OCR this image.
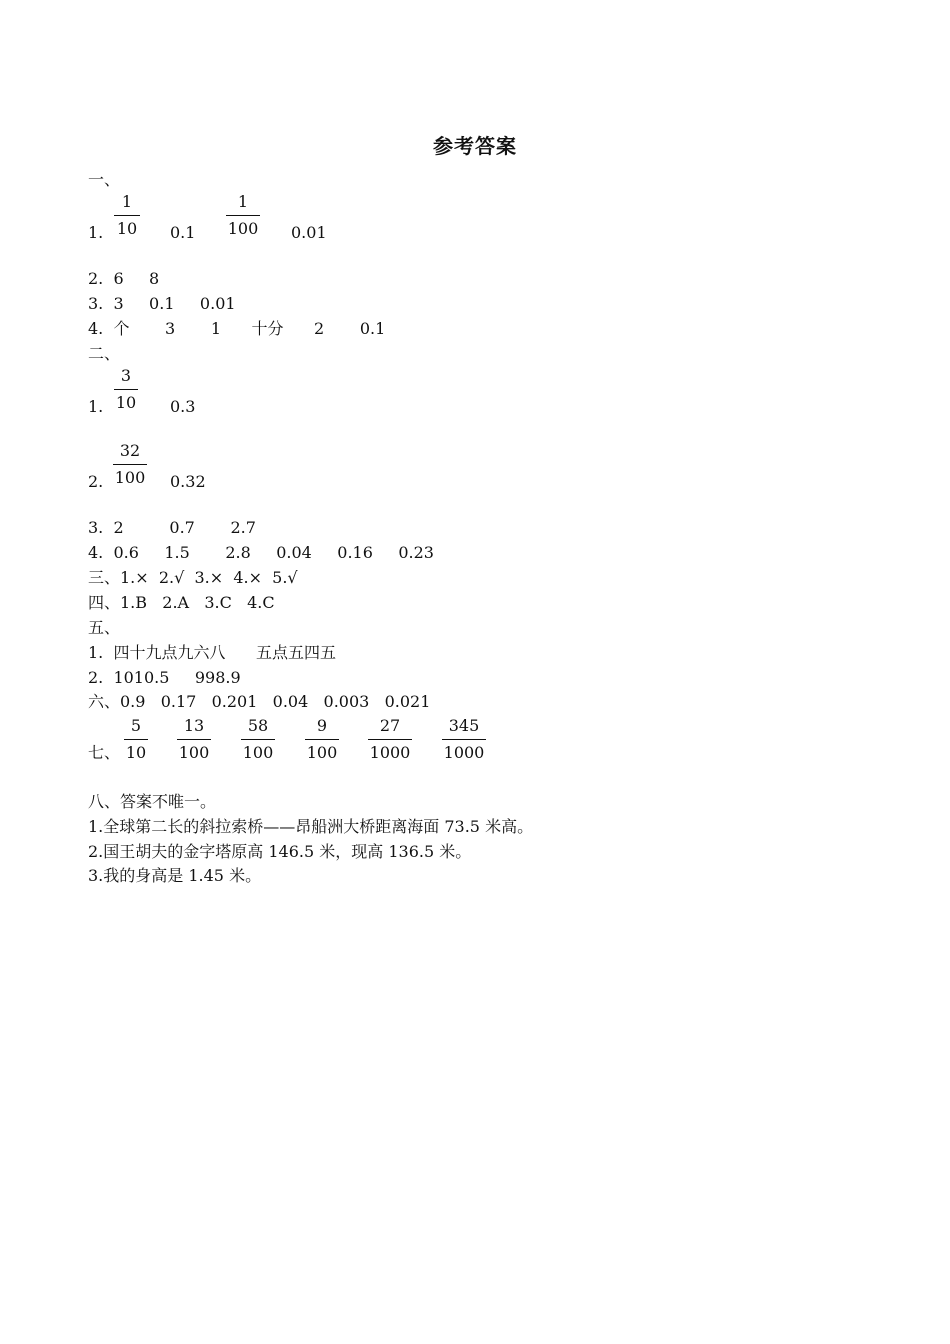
参考答案
一、
1. $\frac{1}{10} 0.1 \frac{1}{100} 0.01$
2.  6     8
3.  3     0.1     0.01
4.  个       3       1      十分      2       0.1
二、
1. $\frac{3}{10} 0.3$
2. $\frac{32}{100} 0.32$
3.  2         0.7       2.7
4.  0.6     1.5       2.8     0.04     0.16     0.23
三、1.×  2.√  3.×  4.×  5.√
四、1.B   2.A   3.C   4.C
五、
1.  四十九点九六八      五点五四五
2.  1010.5     998.9
六、0.9   0.17   0.201   0.04   0.003   0.021
七、 $\frac{5}{10} \frac{13}{100} \frac{58}{100} \frac{9}{100} \frac{27}{1000} \frac{345}{1000}$
八、答案不唯一。
1.全球第二长的斜拉索桥——昂船洲大桥距离海面 73.5 米高。
2.国王胡夫的金字塔原高 146.5 米，现高 136.5 米。
3.我的身高是 1.45 米。
